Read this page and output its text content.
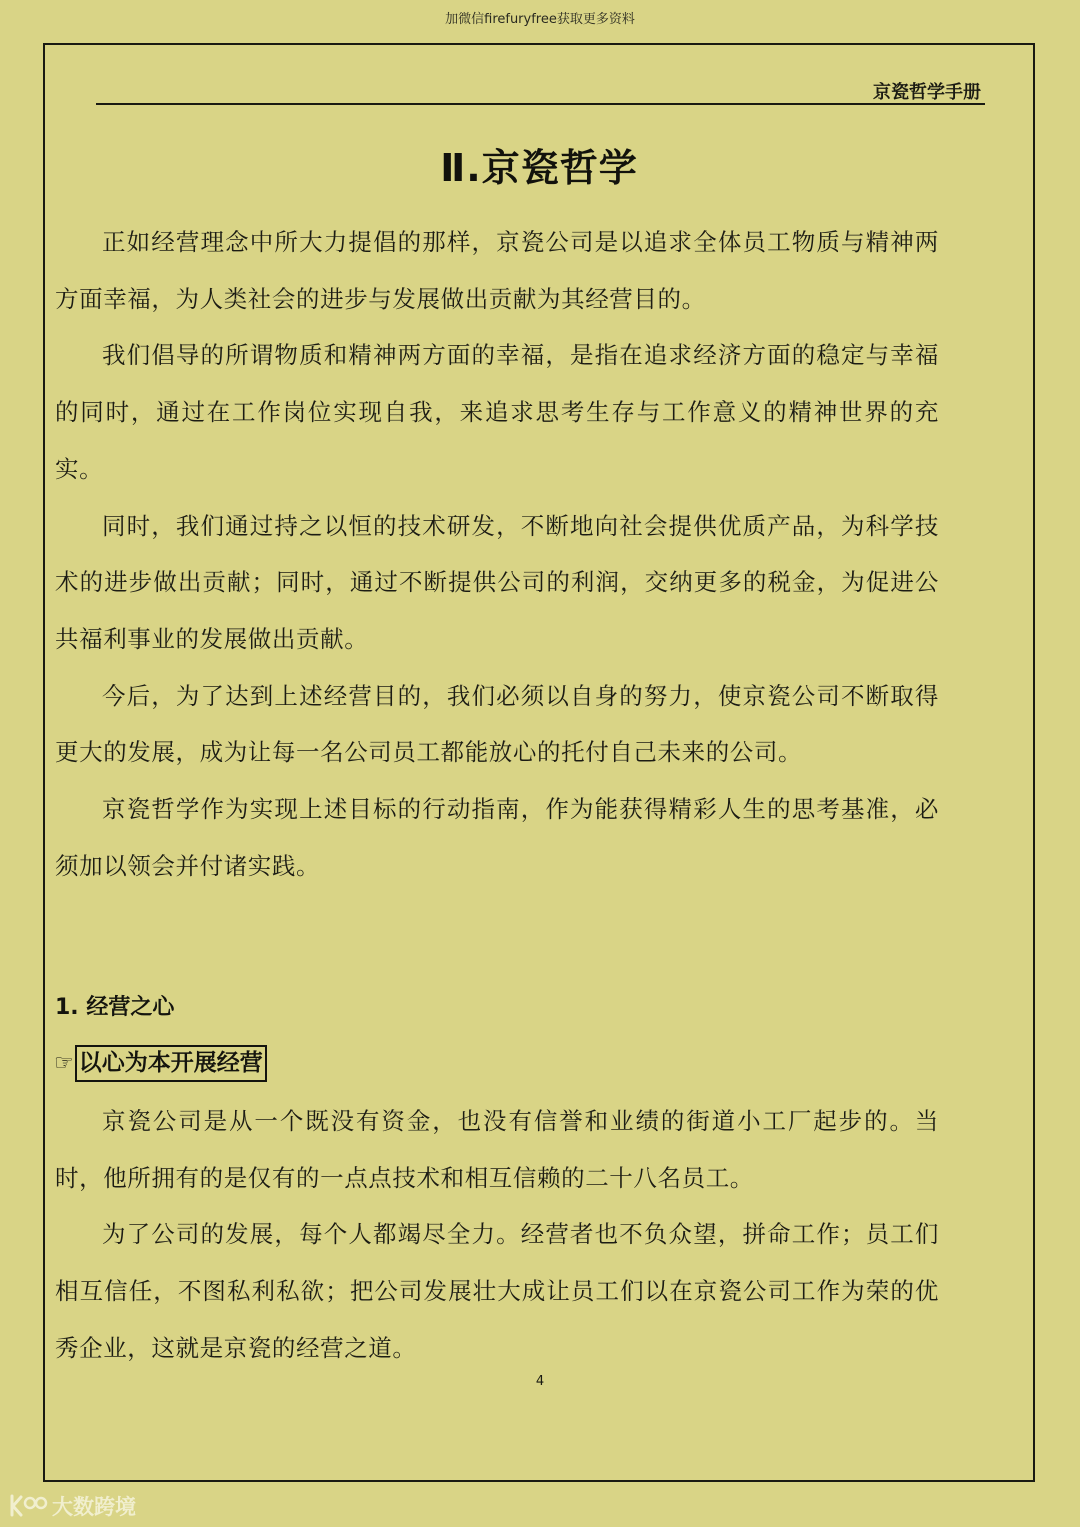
加微信firefuryfree获取更多资料
京瓷哲学手册
Ⅱ.京瓷哲学

正如经营理念中所大力提倡的那样，京瓷公司是以追求全体员工物质与精神两方面幸福，为人类社会的进步与发展做出贡献为其经营目的。

我们倡导的所谓物质和精神两方面的幸福，是指在追求经济方面的稳定与幸福的同时，通过在工作岗位实现自我，来追求思考生存与工作意义的精神世界的充实。

同时，我们通过持之以恒的技术研发，不断地向社会提供优质产品，为科学技术的进步做出贡献；同时，通过不断提供公司的利润，交纳更多的税金，为促进公共福利事业的发展做出贡献。

今后，为了达到上述经营目的，我们必须以自身的努力，使京瓷公司不断取得更大的发展，成为让每一名公司员工都能放心的托付自己未来的公司。

京瓷哲学作为实现上述目标的行动指南，作为能获得精彩人生的思考基准，必须加以领会并付诸实践。

1. 经营之心
☞ 以心为本开展经营

京瓷公司是从一个既没有资金，也没有信誉和业绩的街道小工厂起步的。当时，他所拥有的是仅有的一点点技术和相互信赖的二十八名员工。

为了公司的发展，每个人都竭尽全力。经营者也不负众望，拼命工作；员工们相互信任，不图私利私欲；把公司发展壮大成让员工们以在京瓷公司工作为荣的优秀企业，这就是京瓷的经营之道。

4
大数跨境
